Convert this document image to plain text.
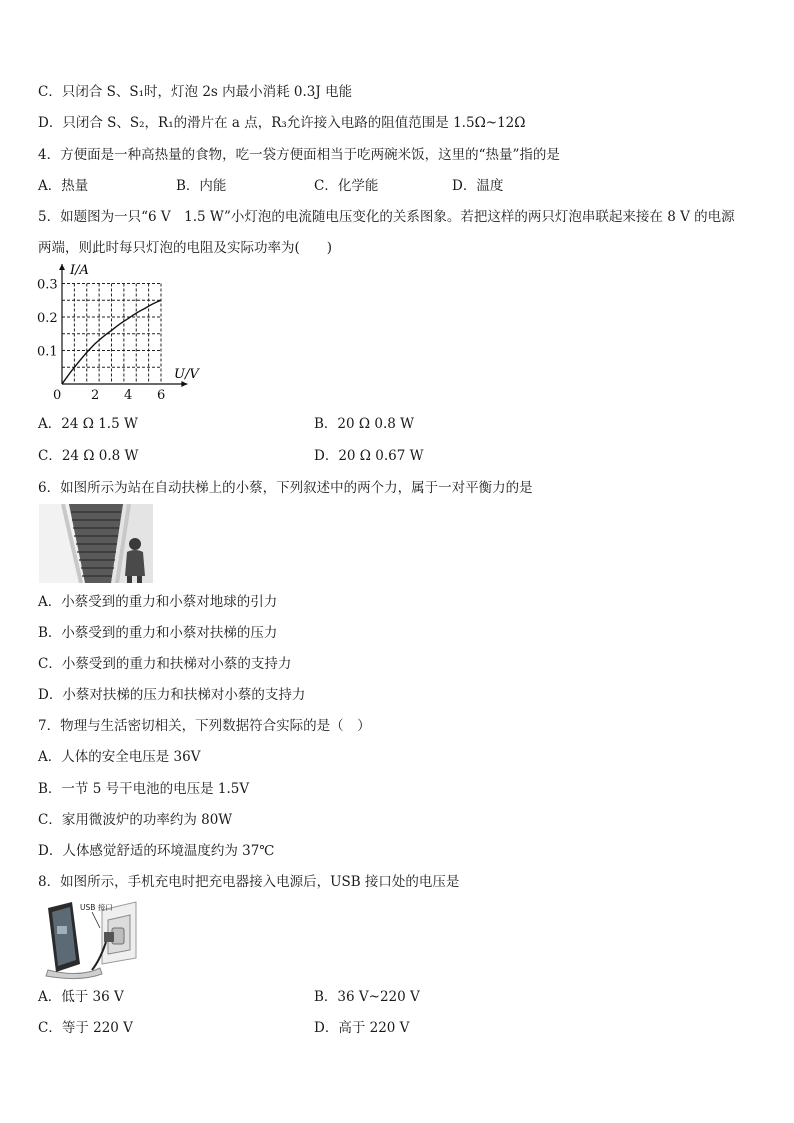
C．只闭合 S、S₁时，灯泡 2s 内最小消耗 0.3J 电能
D．只闭合 S、S₂，R₁的滑片在 a 点，R₃允许接入电路的阻值范围是 1.5Ω~12Ω
4．方便面是一种高热量的食物，吃一袋方便面相当于吃两碗米饭，这里的“热量”指的是
A．热量	B．内能	C．化学能	D．温度
5．如题图为一只“6 V　1.5 W”小灯泡的电流随电压变化的关系图象。若把这样的两只灯泡串联起来接在 8 V 的电源
两端，则此时每只灯泡的电阻及实际功率为(　　)
0 2 4 6
0.1
0.2
0.3
I/A
U/V
A．24 Ω 1.5 W	B．20 Ω 0.8 W
C．24 Ω 0.8 W	D．20 Ω 0.67 W
6．如图所示为站在自动扶梯上的小蔡，下列叙述中的两个力，属于一对平衡力的是
A．小蔡受到的重力和小蔡对地球的引力
B．小蔡受到的重力和小蔡对扶梯的压力
C．小蔡受到的重力和扶梯对小蔡的支持力
D．小蔡对扶梯的压力和扶梯对小蔡的支持力
7．物理与生活密切相关，下列数据符合实际的是（　）
A．人体的安全电压是 36V
B．一节 5 号干电池的电压是 1.5V
C．家用微波炉的功率约为 80W
D．人体感觉舒适的环境温度约为 37℃
8．如图所示，手机充电时把充电器接入电源后，USB 接口处的电压是
USB 接口
A．低于 36 V	B．36 V~220 V
C．等于 220 V	D．高于 220 V
